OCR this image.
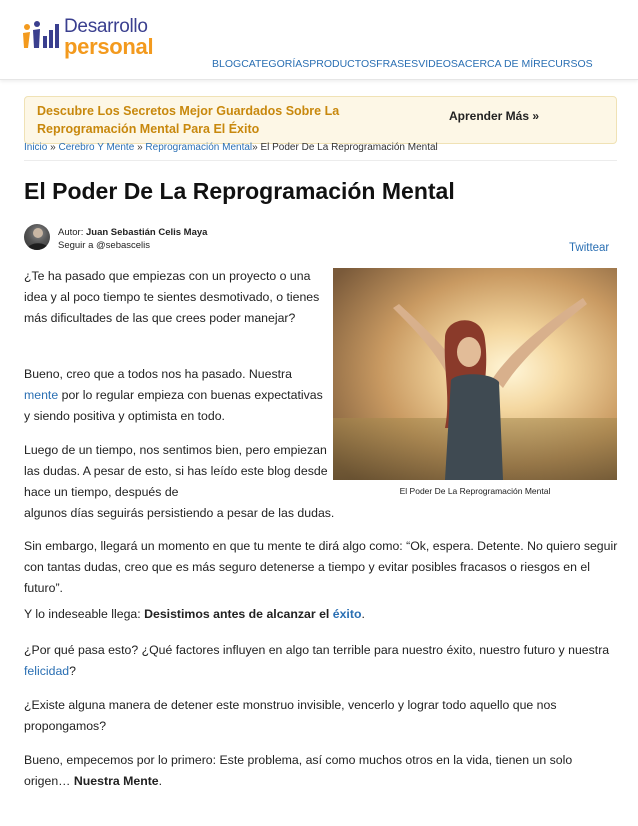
Desarrollo
personal
BLOG CATEGORÍAS PRODUCTOS FRASES VIDEOS ACERCA DE MÍ RECURSOS
Descubre Los Secretos Mejor Guardados Sobre La Reprogramación Mental Para El Éxito
Aprender Más »
Inicio » Cerebro Y Mente » Reprogramación Mental» El Poder De La Reprogramación Mental
El Poder De La Reprogramación Mental
Autor: Juan Sebastián Celis Maya
Seguir a @sebascelis	Twittear
El Poder De La Reprogramación Mental

¿Te ha pasado que empiezas con un proyecto o una idea y al poco tiempo te sientes desmotivado, o tienes más dificultades de las que crees poder manejar?

Bueno, creo que a todos nos ha pasado. Nuestra mente por lo regular empieza con buenas expectativas y siendo positiva y optimista en todo.

Luego de un tiempo, nos sentimos bien, pero empiezan las dudas. A pesar de esto, si has leído este blog desde hace un tiempo, después de

algunos días seguirás persistiendo a pesar de las dudas.

Sin embargo, llegará un momento en que tu mente te dirá algo como: “Ok, espera. Detente. No quiero seguir con tantas dudas, creo que es más seguro detenerse a tiempo y evitar posibles fracasos o riesgos en el futuro”.

Y lo indeseable llega: Desistimos antes de alcanzar el éxito.

¿Por qué pasa esto? ¿Qué factores influyen en algo tan terrible para nuestro éxito, nuestro futuro y nuestra felicidad?

¿Existe alguna manera de detener este monstruo invisible, vencerlo y lograr todo aquello que nos propongamos?

Bueno, empecemos por lo primero: Este problema, así como muchos otros en la vida, tienen un solo origen… Nuestra Mente.
